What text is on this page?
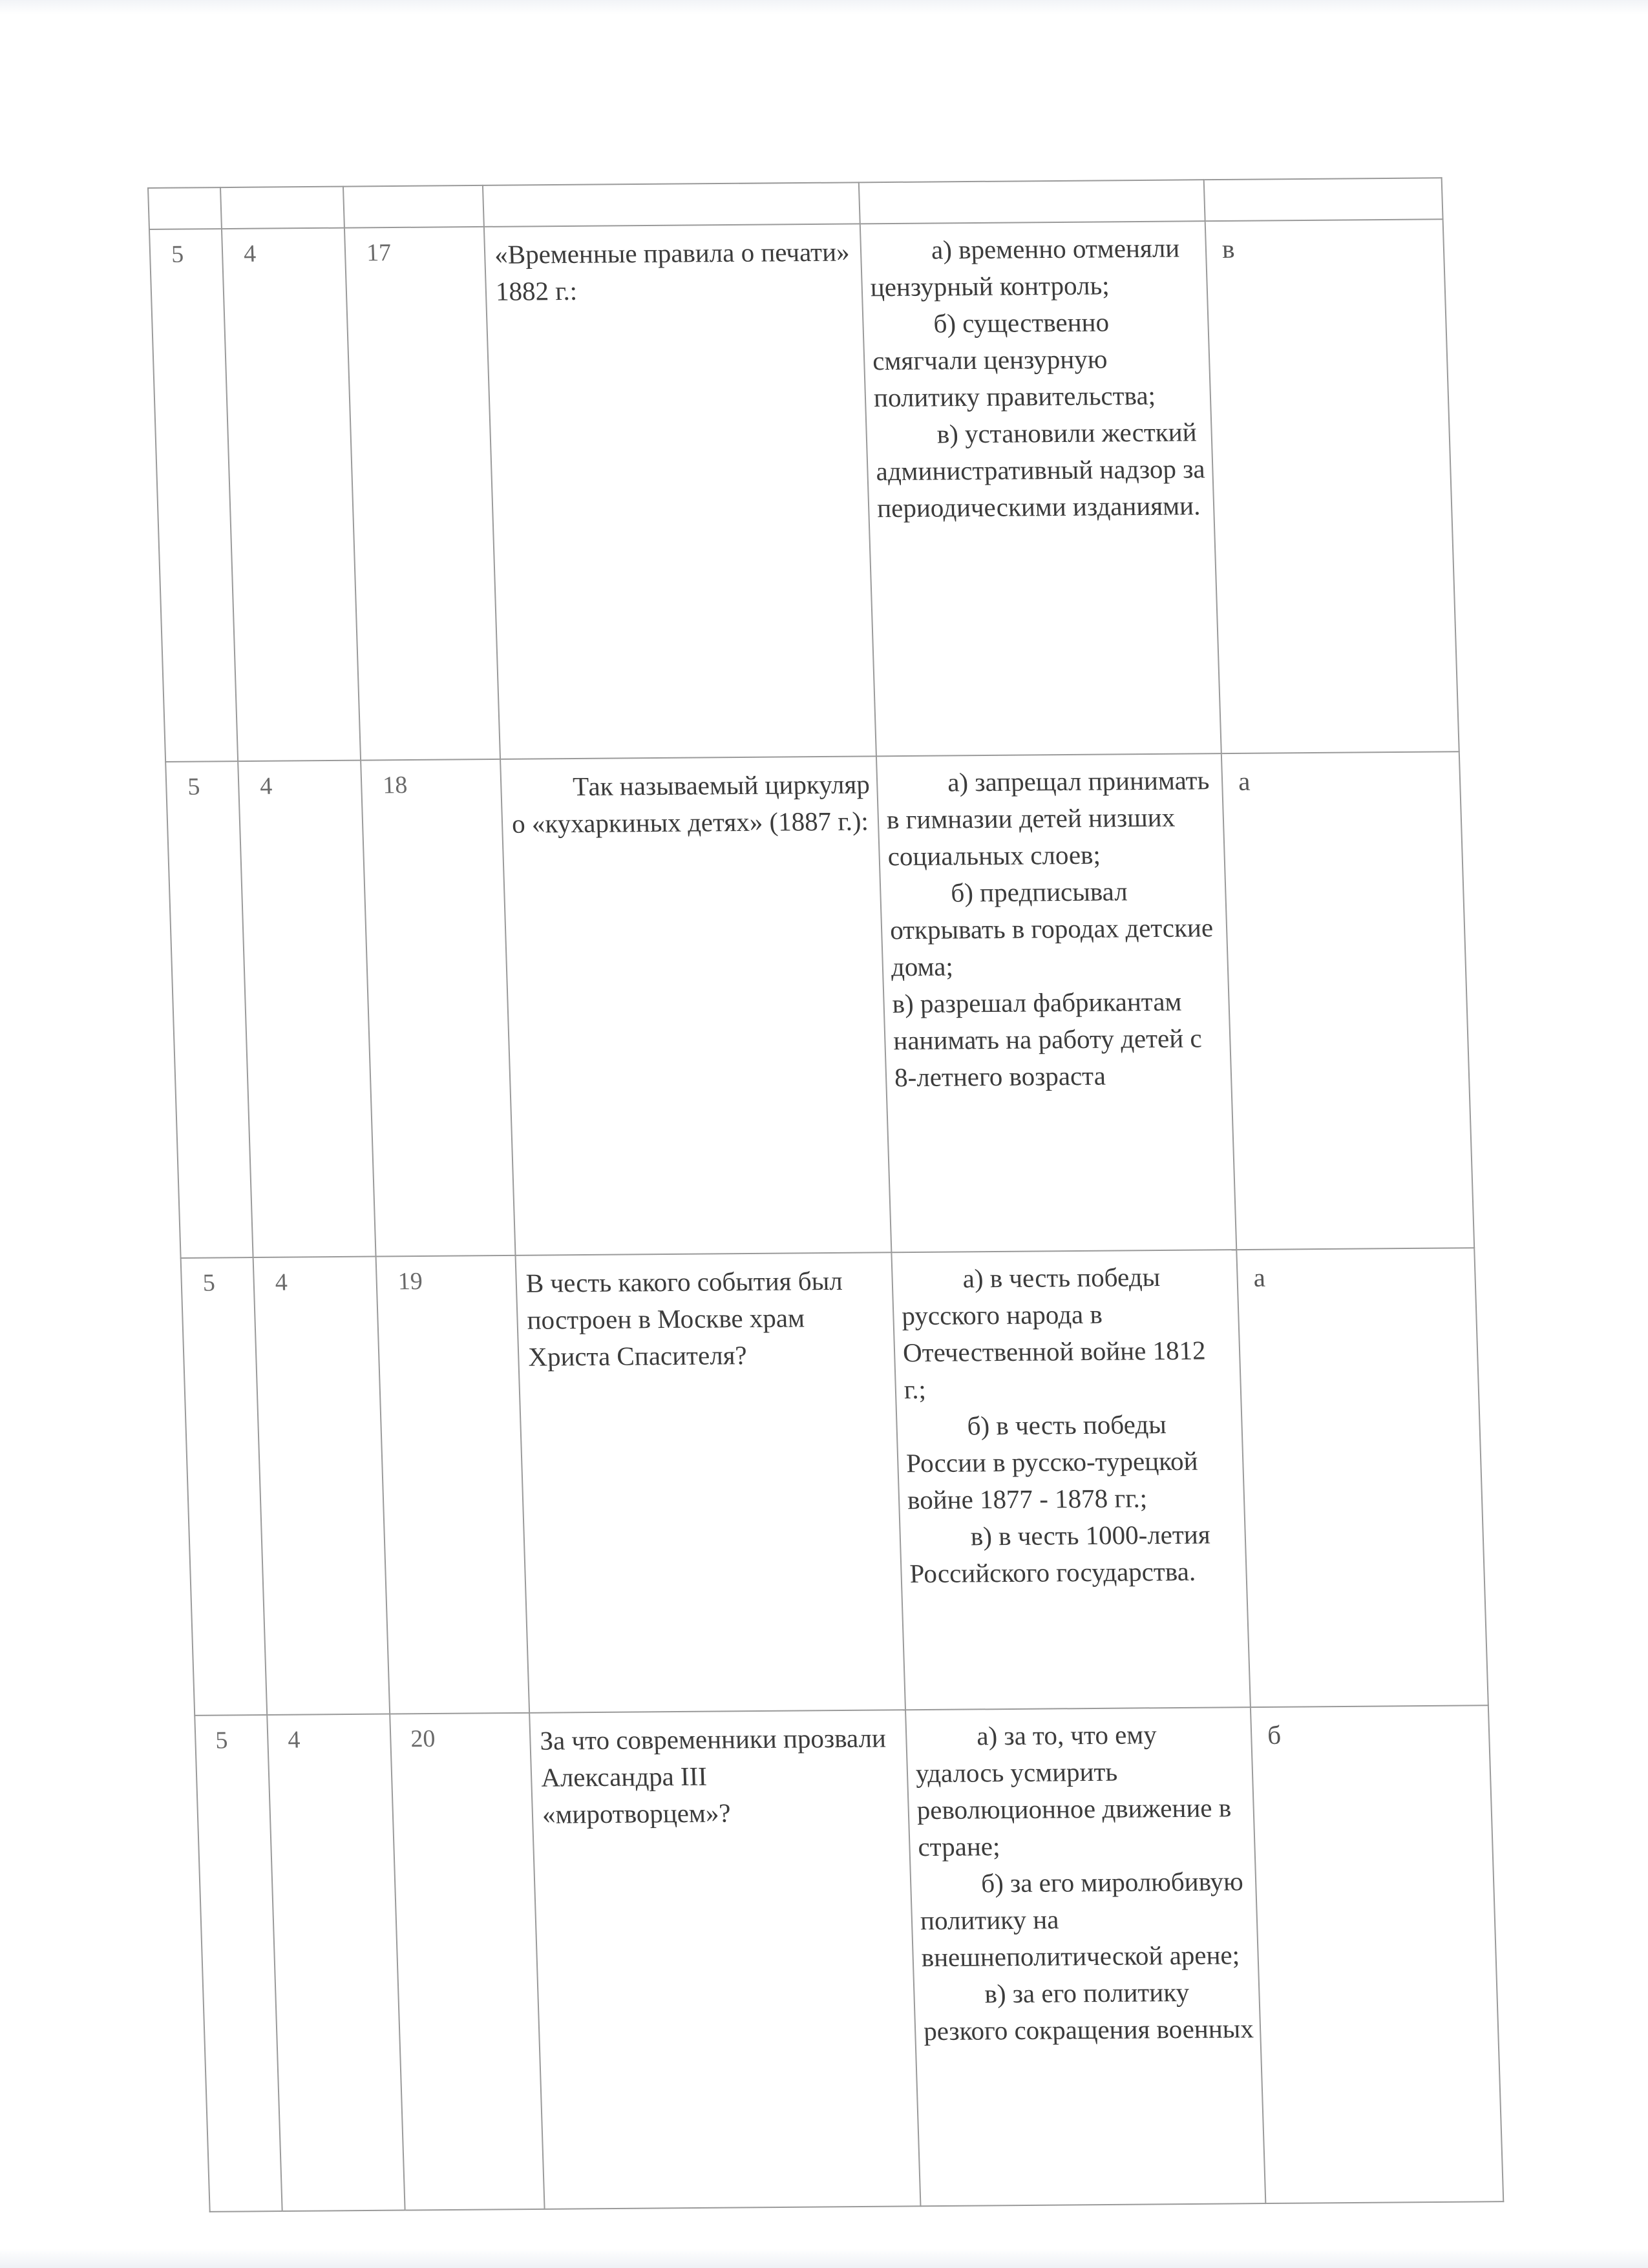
5	4	17	«Временные правила о печати» 1882 г.:	а) временно отменяли цензурный контроль;
б) существенно смягчали цензурную политику правительства;
в) установили жесткий административный надзор за периодическими изданиями.	в
5	4	18	Так называемый циркуляр о «кухаркиных детях» (1887 г.):	а) запрещал принимать в гимназии детей низших социальных слоев;
б) предписывал открывать в городах детские дома;
в) разрешал фабрикантам нанимать на работу детей с 8-летнего возраста	а
5	4	19	В честь какого события был построен в Москве храм Христа Спасителя?	а) в честь победы русского народа в Отечественной войне 1812 г.;
б) в честь победы России в русско-турецкой войне 1877 - 1878 гг.;
в) в честь 1000-летия Российского государства.	а
5	4	20	За что современники прозвали Александра III «миротворцем»?	а) за то, что ему удалось усмирить революционное движение в стране;
б) за его миролюбивую политику на внешнеполитической арене;
в) за его политику резкого сокращения военных	б
